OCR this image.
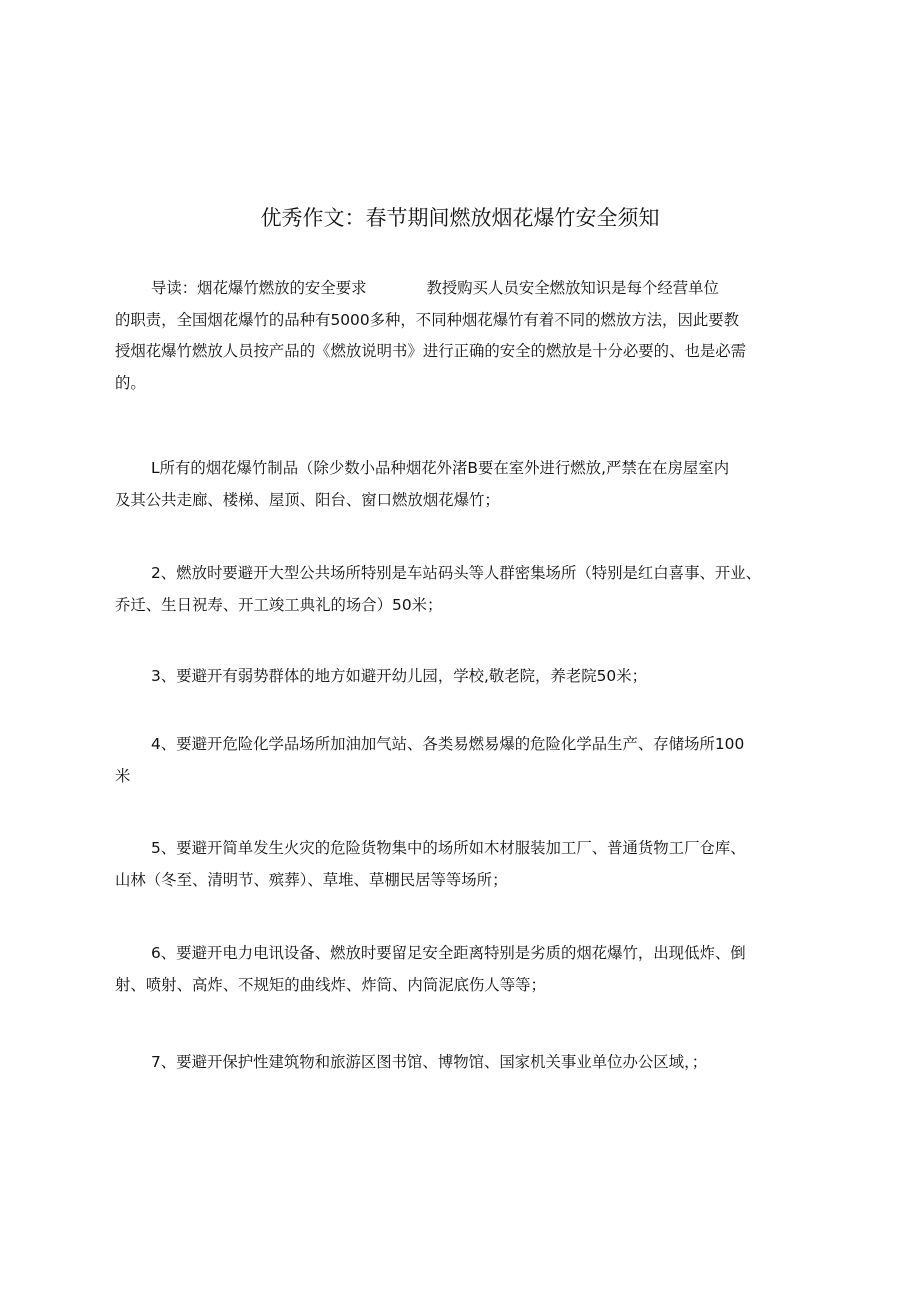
优秀作文：春节期间燃放烟花爆竹安全须知
导读：烟花爆竹燃放的安全要求	教授购买人员安全燃放知识是每个经营单位
的职责，全国烟花爆竹的品种有5000多种，不同种烟花爆竹有着不同的燃放方法，因此要教
授烟花爆竹燃放人员按产品的《燃放说明书》进行正确的安全的燃放是十分必要的、也是必需
的。
L所有的烟花爆竹制品（除少数小品种烟花外渚B要在室外进行燃放,严禁在在房屋室内
及其公共走廊、楼梯、屋顶、阳台、窗口燃放烟花爆竹；
2、燃放时要避开大型公共场所特别是车站码头等人群密集场所（特别是红白喜事、开业、
乔迁、生日祝寿、开工竣工典礼的场合）50米；
3、要避开有弱势群体的地方如避开幼儿园，学校,敬老院，养老院50米；
4、要避开危险化学品场所加油加气站、各类易燃易爆的危险化学品生产、存储场所100
米
5、要避开简单发生火灾的危险货物集中的场所如木材服装加工厂、普通货物工厂仓库、
山林（冬至、清明节、殡葬）、草堆、草棚民居等等场所；
6、要避开电力电讯设备、燃放时要留足安全距离特别是劣质的烟花爆竹，出现低炸、倒
射、喷射、高炸、不规矩的曲线炸、炸筒、内筒泥底伤人等等；
7、要避开保护性建筑物和旅游区图书馆、博物馆、国家机关事业单位办公区域，；
